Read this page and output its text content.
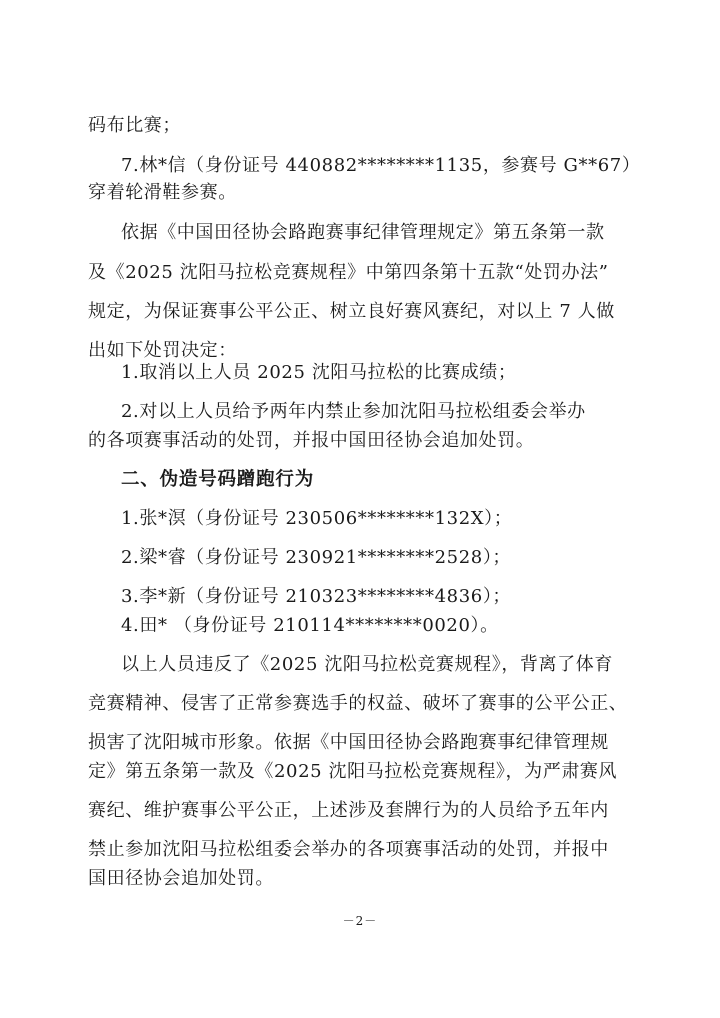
码布比赛；
7.林*信（身份证号 440882********1135，参赛号 G**67）
穿着轮滑鞋参赛。
依据《中国田径协会路跑赛事纪律管理规定》第五条第一款
及《2025 沈阳马拉松竞赛规程》中第四条第十五款“处罚办法”
规定，为保证赛事公平公正、树立良好赛风赛纪，对以上 7 人做
出如下处罚决定：
1.取消以上人员 2025 沈阳马拉松的比赛成绩；
2.对以上人员给予两年内禁止参加沈阳马拉松组委会举办
的各项赛事活动的处罚，并报中国田径协会追加处罚。
二、伪造号码蹭跑行为
1.张*溟（身份证号 230506********132X）；
2.梁*睿（身份证号 230921********2528）；
3.李*新（身份证号 210323********4836）；
4.田* （身份证号 210114********0020）。
以上人员违反了《2025 沈阳马拉松竞赛规程》，背离了体育
竞赛精神、侵害了正常参赛选手的权益、破坏了赛事的公平公正、
损害了沈阳城市形象。依据《中国田径协会路跑赛事纪律管理规
定》第五条第一款及《2025 沈阳马拉松竞赛规程》，为严肃赛风
赛纪、维护赛事公平公正，上述涉及套牌行为的人员给予五年内
禁止参加沈阳马拉松组委会举办的各项赛事活动的处罚，并报中
国田径协会追加处罚。
－2－
